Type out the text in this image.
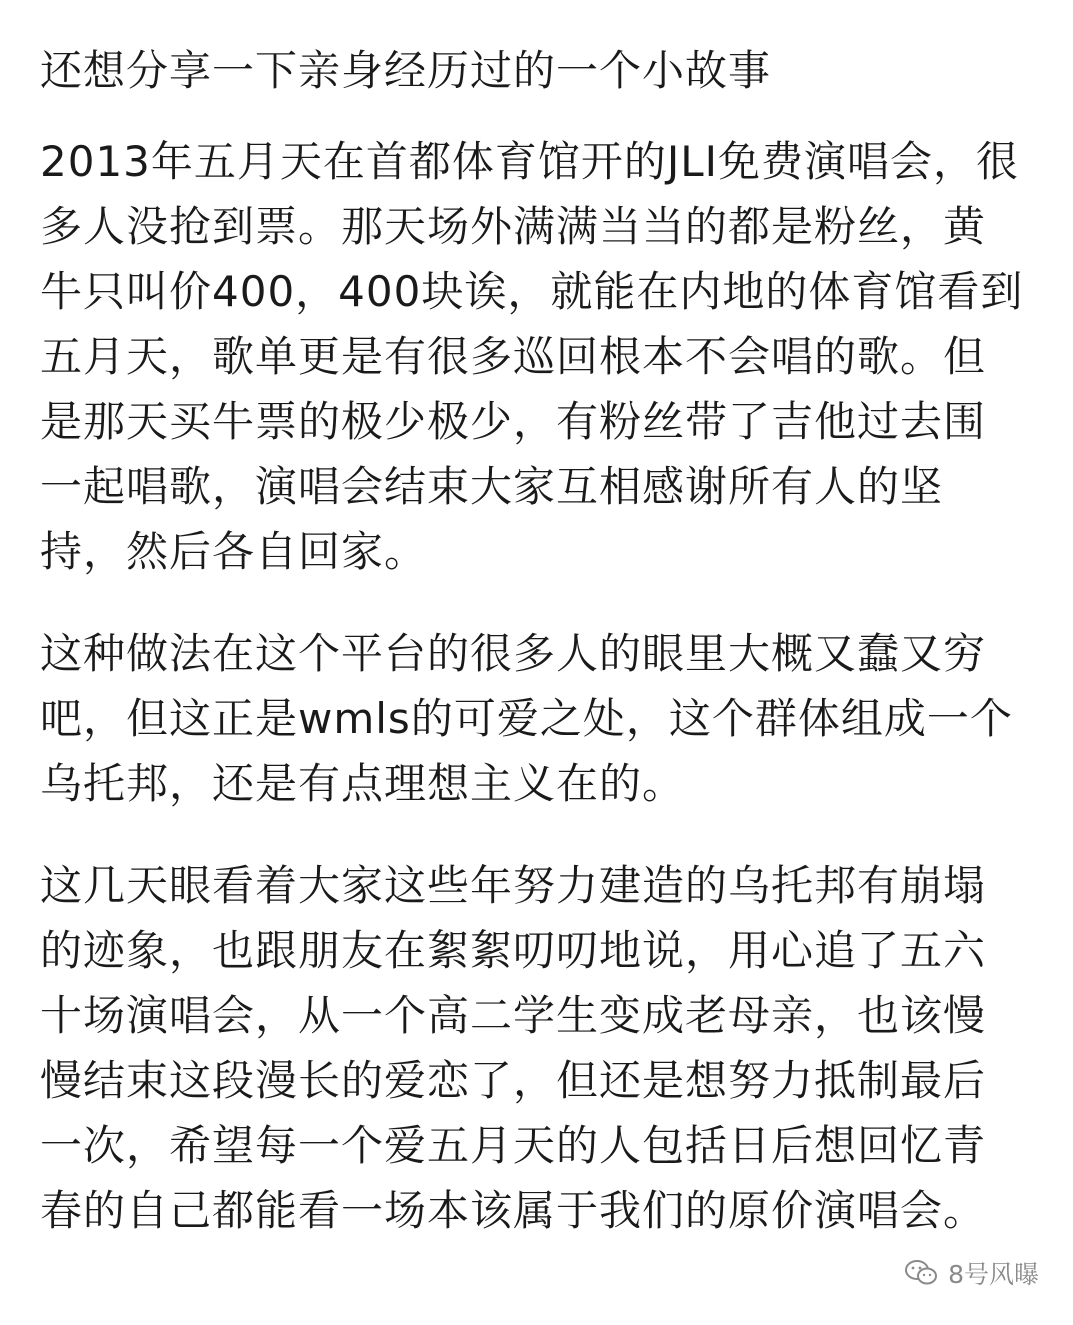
还想分享一下亲身经历过的一个小故事

2013年五月天在首都体育馆开的JLI免费演唱会，很多人没抢到票。那天场外满满当当的都是粉丝，黄牛只叫价400，400块诶，就能在内地的体育馆看到五月天，歌单更是有很多巡回根本不会唱的歌。但是那天买牛票的极少极少，有粉丝带了吉他过去围一起唱歌，演唱会结束大家互相感谢所有人的坚持，然后各自回家。

这种做法在这个平台的很多人的眼里大概又蠢又穷吧，但这正是wmls的可爱之处，这个群体组成一个乌托邦，还是有点理想主义在的。

这几天眼看着大家这些年努力建造的乌托邦有崩塌的迹象，也跟朋友在絮絮叨叨地说，用心追了五六十场演唱会，从一个高二学生变成老母亲，也该慢慢结束这段漫长的爱恋了，但还是想努力抵制最后一次，希望每一个爱五月天的人包括日后想回忆青春的自己都能看一场本该属于我们的原价演唱会。

8号风曝
